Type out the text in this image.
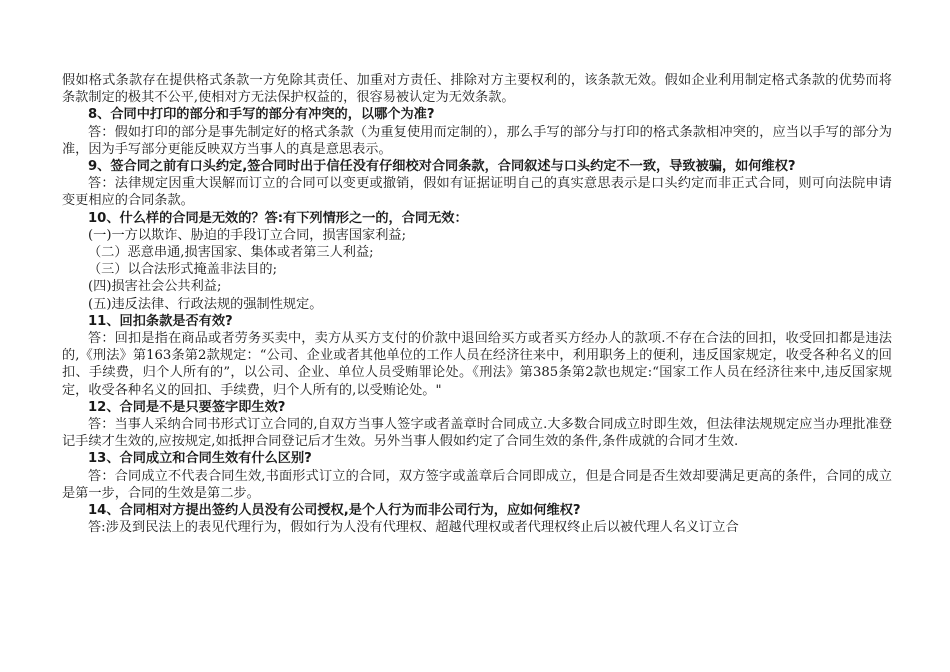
假如格式条款存在提供格式条款一方免除其责任、加重对方责任、排除对方主要权利的，该条款无效。假如企业利用制定格式条款的优势而将条款制定的极其不公平,使相对方无法保护权益的，很容易被认定为无效条款。

8、合同中打印的部分和手写的部分有冲突的，以哪个为准?

答：假如打印的部分是事先制定好的格式条款（为重复使用而定制的），那么手写的部分与打印的格式条款相冲突的，应当以手写的部分为准，因为手写部分更能反映双方当事人的真是意思表示。

9、签合同之前有口头约定,签合同时出于信任没有仔细校对合同条款，合同叙述与口头约定不一致，导致被骗，如何维权?

答：法律规定因重大误解而订立的合同可以变更或撤销，假如有证据证明自己的真实意思表示是口头约定而非正式合同，则可向法院申请变更相应的合同条款。

10、什么样的合同是无效的？答:有下列情形之一的，合同无效：

(一)一方以欺诈、胁迫的手段订立合同，损害国家利益;

（二）恶意串通,损害国家、集体或者第三人利益;

（三）以合法形式掩盖非法目的;

(四)损害社会公共利益;

(五)违反法律、行政法规的强制性规定。

11、回扣条款是否有效?

答：回扣是指在商品或者劳务买卖中，卖方从买方支付的价款中退回给买方或者买方经办人的款项.不存在合法的回扣，收受回扣都是违法的,《刑法》第163条第2款规定：“公司、企业或者其他单位的工作人员在经济往来中，利用职务上的便利，违反国家规定，收受各种名义的回扣、手续费，归个人所有的”，以公司、企业、单位人员受贿罪论处。《刑法》第385条第2款也规定:“国家工作人员在经济往来中,违反国家规定，收受各种名义的回扣、手续费，归个人所有的,以受贿论处。"

12、合同是不是只要签字即生效?

答：当事人采纳合同书形式订立合同的,自双方当事人签字或者盖章时合同成立.大多数合同成立时即生效，但法律法规规定应当办理批准登记手续才生效的,应按规定,如抵押合同登记后才生效。另外当事人假如约定了合同生效的条件,条件成就的合同才生效.

13、合同成立和合同生效有什么区别?

答：合同成立不代表合同生效,书面形式订立的合同，双方签字或盖章后合同即成立，但是合同是否生效却要满足更高的条件，合同的成立是第一步，合同的生效是第二步。

14、合同相对方提出签约人员没有公司授权,是个人行为而非公司行为，应如何维权?

答:涉及到民法上的表见代理行为，假如行为人没有代理权、超越代理权或者代理权终止后以被代理人名义订立合
